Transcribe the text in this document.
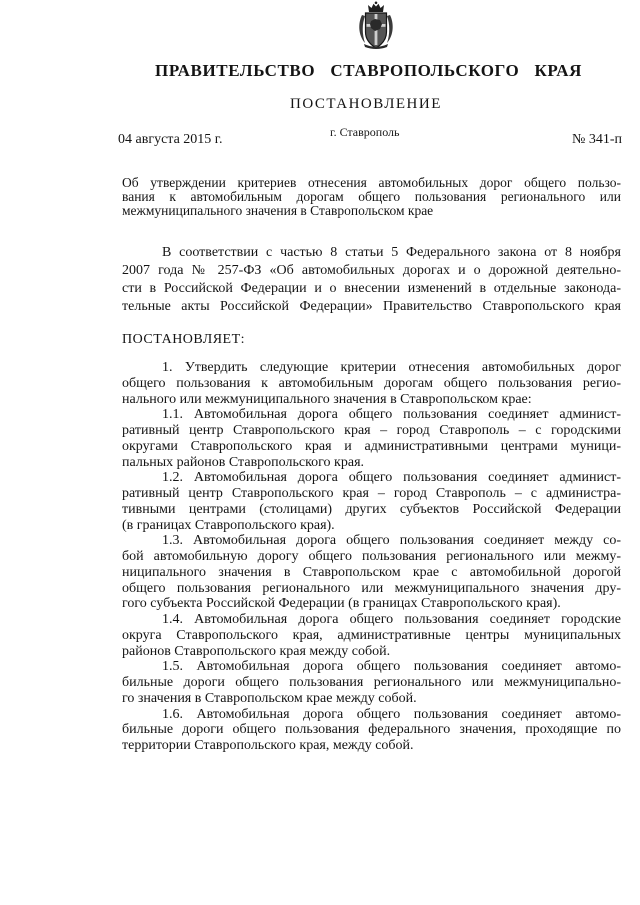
ПРАВИТЕЛЬСТВО СТАВРОПОЛЬСКОГО КРАЯ
ПОСТАНОВЛЕНИЕ
04 августа 2015 г.	г. Ставрополь	№ 341-п
Об утверждении критериев отнесения автомобильных дорог общего пользо-
вания к автомобильным дорогам общего пользования регионального или
межмуниципального значения в Ставропольском крае
В соответствии с частью 8 статьи 5 Федерального закона от 8 ноября
2007 года № 257-ФЗ «Об автомобильных дорогах и о дорожной деятельно-
сти в Российской Федерации и о внесении изменений в отдельные законода-
тельные акты Российской Федерации» Правительство Ставропольского края
ПОСТАНОВЛЯЕТ:
1. Утвердить следующие критерии отнесения автомобильных дорог
общего пользования к автомобильным дорогам общего пользования регио-
нального или межмуниципального значения в Ставропольском крае:
1.1. Автомобильная дорога общего пользования соединяет админист-
ративный центр Ставропольского края – город Ставрополь – с городскими
округами Ставропольского края и административными центрами муници-
пальных районов Ставропольского края.
1.2. Автомобильная дорога общего пользования соединяет админист-
ративный центр Ставропольского края – город Ставрополь – с администра-
тивными центрами (столицами) других субъектов Российской Федерации
(в границах Ставропольского края).
1.3. Автомобильная дорога общего пользования соединяет между со-
бой автомобильную дорогу общего пользования регионального или межму-
ниципального значения в Ставропольском крае с автомобильной дорогой
общего пользования регионального или межмуниципального значения дру-
гого субъекта Российской Федерации (в границах Ставропольского края).
1.4. Автомобильная дорога общего пользования соединяет городские
округа Ставропольского края, административные центры муниципальных
районов Ставропольского края между собой.
1.5. Автомобильная дорога общего пользования соединяет автомо-
бильные дороги общего пользования регионального или межмуниципально-
го значения в Ставропольском крае между собой.
1.6. Автомобильная дорога общего пользования соединяет автомо-
бильные дороги общего пользования федерального значения, проходящие по
территории Ставропольского края, между собой.
